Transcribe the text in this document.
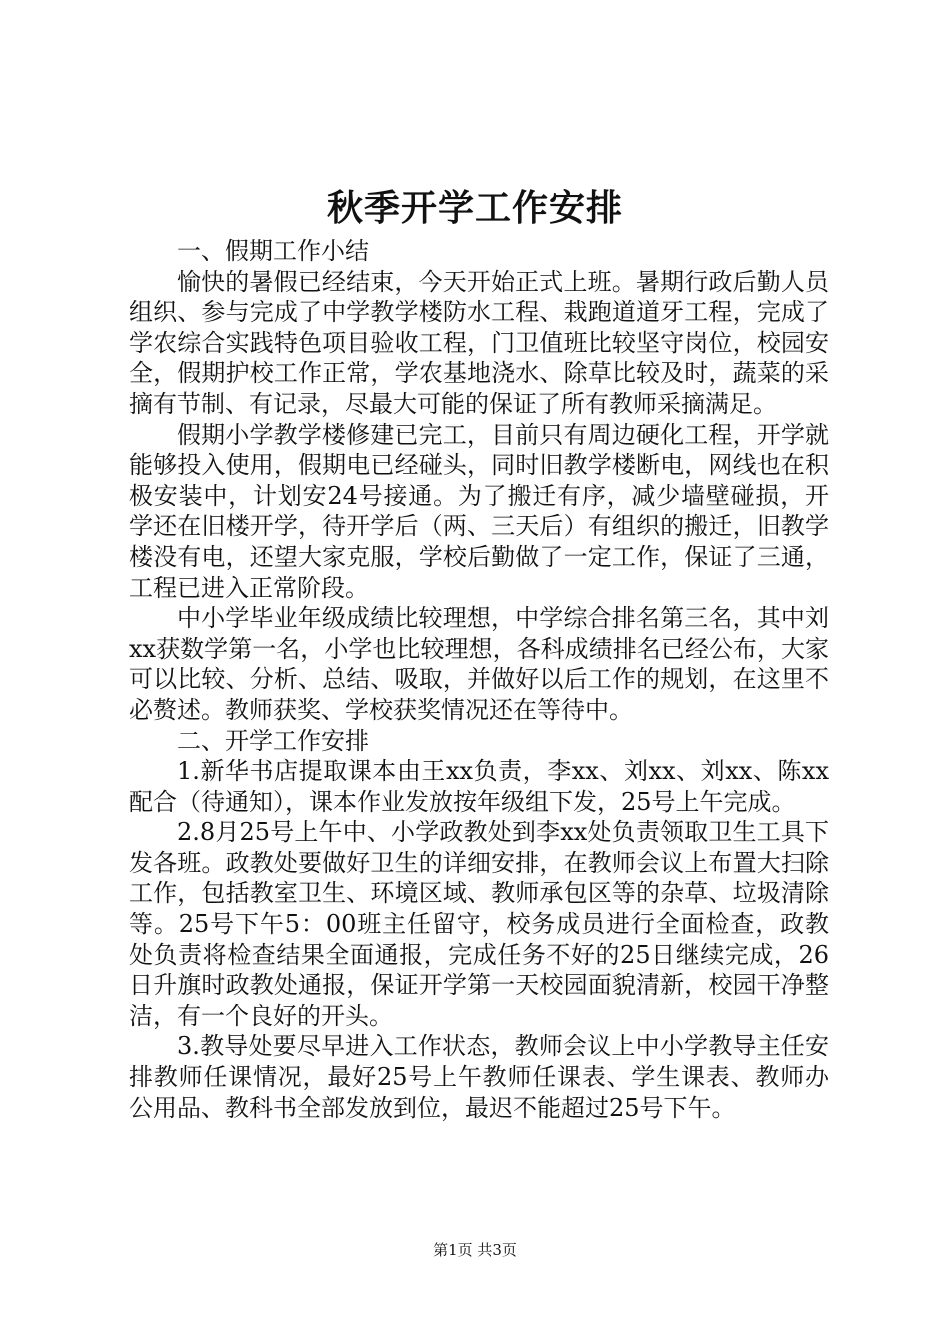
秋季开学工作安排

一、假期工作小结

愉快的暑假已经结束，今天开始正式上班。暑期行政后勤人员组织、参与完成了中学教学楼防水工程、栽跑道道牙工程，完成了学农综合实践特色项目验收工程，门卫值班比较坚守岗位，校园安全，假期护校工作正常，学农基地浇水、除草比较及时，蔬菜的采摘有节制、有记录，尽最大可能的保证了所有教师采摘满足。

假期小学教学楼修建已完工，目前只有周边硬化工程，开学就能够投入使用，假期电已经碰头，同时旧教学楼断电，网线也在积极安装中，计划安24号接通。为了搬迁有序，减少墙壁碰损，开学还在旧楼开学，待开学后（两、三天后）有组织的搬迁，旧教学楼没有电，还望大家克服，学校后勤做了一定工作，保证了三通，工程已进入正常阶段。

中小学毕业年级成绩比较理想，中学综合排名第三名，其中刘xx获数学第一名，小学也比较理想，各科成绩排名已经公布，大家可以比较、分析、总结、吸取，并做好以后工作的规划，在这里不必赘述。教师获奖、学校获奖情况还在等待中。

二、开学工作安排

1.新华书店提取课本由王xx负责，李xx、刘xx、刘xx、陈xx配合（待通知），课本作业发放按年级组下发，25号上午完成。

2.8月25号上午中、小学政教处到李xx处负责领取卫生工具下发各班。政教处要做好卫生的详细安排，在教师会议上布置大扫除工作，包括教室卫生、环境区域、教师承包区等的杂草、垃圾清除等。25号下午5：00班主任留守，校务成员进行全面检查，政教处负责将检查结果全面通报，完成任务不好的25日继续完成，26日升旗时政教处通报，保证开学第一天校园面貌清新，校园干净整洁，有一个良好的开头。

3.教导处要尽早进入工作状态，教师会议上中小学教导主任安排教师任课情况，最好25号上午教师任课表、学生课表、教师办公用品、教科书全部发放到位，最迟不能超过25号下午。

第1页 共3页
